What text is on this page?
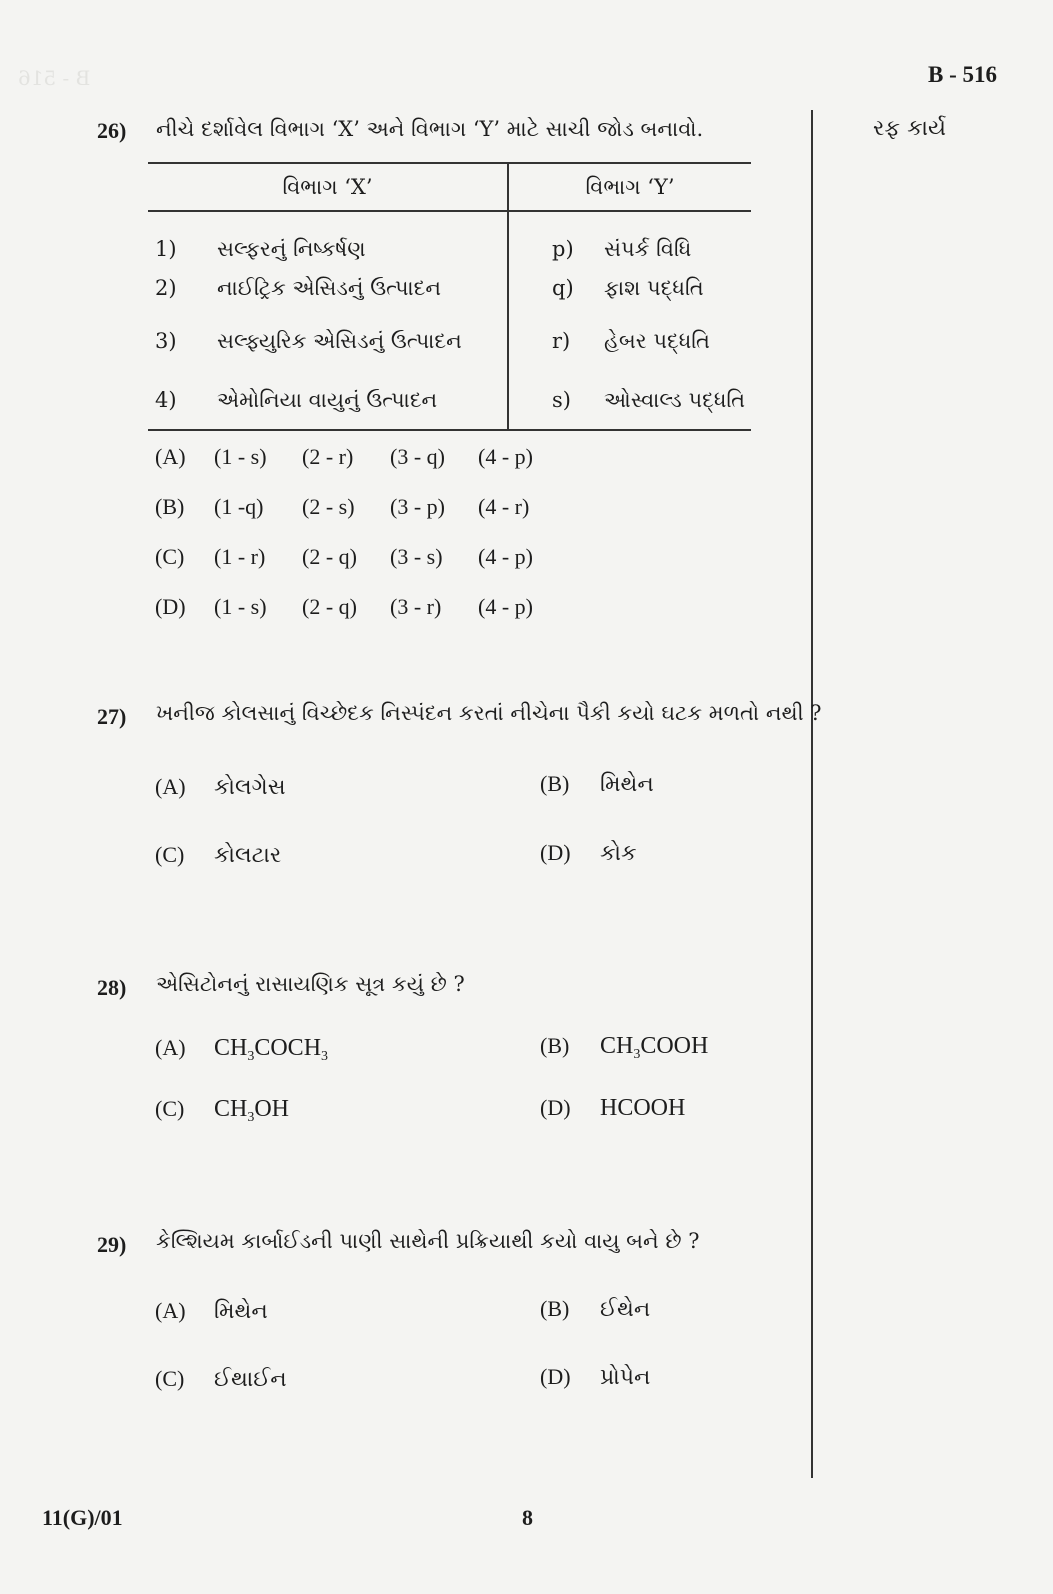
B - 516	B - 516
રફ કાર્ય
26) નીચે દર્શાવેલ વિભાગ ‘X’ અને વિભાગ ‘Y’ માટે સાચી જોડ બનાવો.
વિભાગ ‘X’	વિભાગ ‘Y’
1) સલ્ફરનું નિષ્કર્ષણ	p) સંપર્ક વિધિ
2) નાઈટ્રિક એસિડનું ઉત્પાદન	q) ફાશ પદ્ધતિ
3) સલ્ફ્યુરિક એસિડનું ઉત્પાદન	r) હેબર પદ્ધતિ
4) એમોનિયા વાયુનું ઉત્પાદન	s) ઓસ્વાલ્ડ પદ્ધતિ
(A) (1 - s) (2 - r) (3 - q) (4 - p)
(B) (1 -q) (2 - s) (3 - p) (4 - r)
(C) (1 - r) (2 - q) (3 - s) (4 - p)
(D) (1 - s) (2 - q) (3 - r) (4 - p)
27) ખનીજ કોલસાનું વિચ્છેદક નિસ્પંદન કરતાં નીચેના પૈકી કયો ઘટક મળતો નથી ?
(A) કોલગેસ	(B) મિથેન
(C) કોલટાર	(D) કોક
28) એસિટોનનું રાસાયણિક સૂત્ર કયું છે ?
(A) $CH_3COCH_3$	(B) $CH_3COOH$
(C) $CH_3OH$	(D) HCOOH
29) કેલ્શિયમ કાર્બાઈડની પાણી સાથેની પ્રક્રિયાથી કયો વાયુ બને છે ?
(A) મિથેન	(B) ઈથેન
(C) ઈથાઈન	(D) પ્રોપેન
11(G)/01	8
